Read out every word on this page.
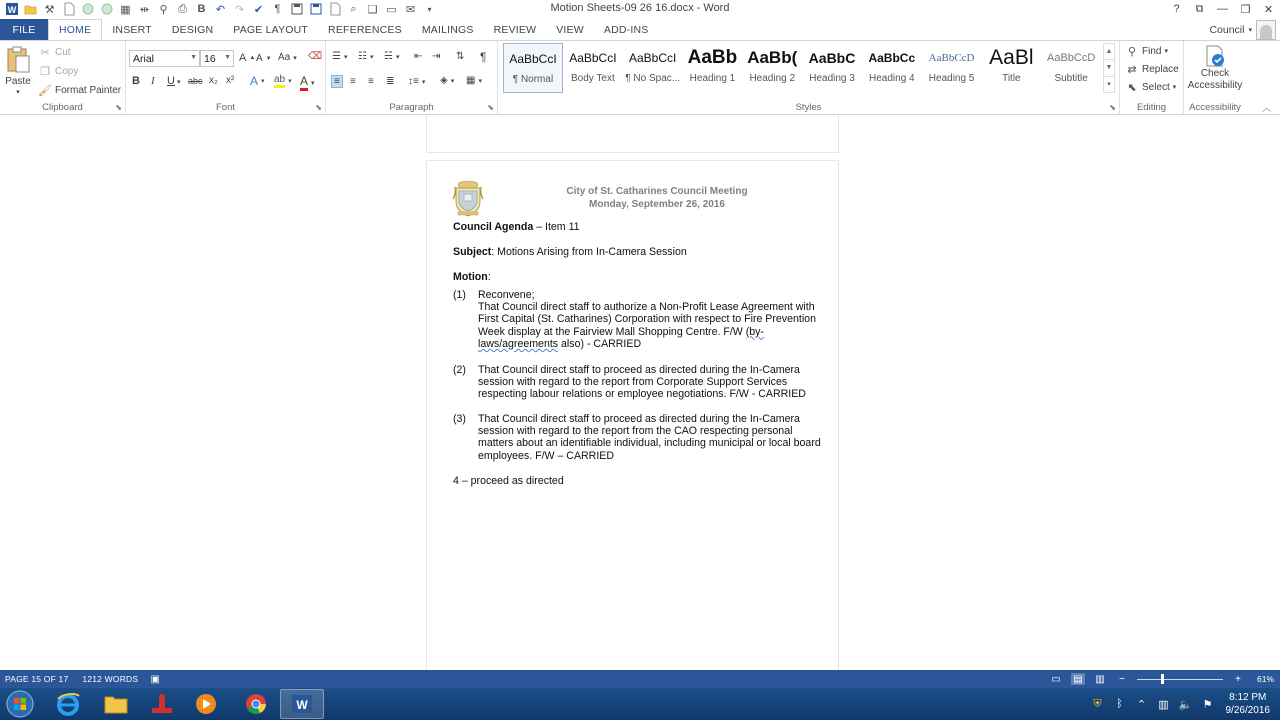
W	⚒	▦ ⇹ ⚲ ⎙ B ↶ ↷ ✔	¶	⌕ ❏ ▭ ✉	▾	Motion Sheets-09 26 16.docx - Word	?	⧉	—	❐	✕
FILE	HOME	INSERT	DESIGN	PAGE LAYOUT	REFERENCES	MAILINGS	REVIEW	VIEW	ADD-INS	Council ▾
Paste
▾
✂ Cut
❐ Copy
🖌 Format Painter
Clipboard	⬊
Arial	▼ 16 ▼ A ▲ A ▼ Aa ▾ ⌫
B I U ▾ abc x₂ x² A ▾ ab ▾ A ▾
Font	⬊
☰ ▾ ☷ ▾ ☵ ▾ ⇤ ⇥ ⇅ ¶
≡	≡ ≡ ≣ ↕≡ ▾ ◈ ▾ ▦ ▾
Paragraph	⬊	Styles	⬊
AaBbCcI
¶ Normal
AaBbCcI
Body Text
AaBbCcI
¶ No Spac...
AaBb
Heading 1
AaBb(
Heading 2
AaBbC
Heading 3
AaBbCc
Heading 4
AaBbCcD
Heading 5
AaBl
Title
AaBbCcD
Subtitle
▲
▼
▾
⚲ Find ▾
⇄ Replace
⬉ Select ▾
Editing
Check Accessibility
Accessibility	︿
City of St. Catharines Council Meeting
Monday, September 26, 2016
Council Agenda – Item 11
Subject: Motions Arising from In-Camera Session
Motion:
(1) Reconvene;
That Council direct staff to authorize a Non-Profit Lease Agreement with First Capital (St. Catharines) Corporation with respect to Fire Prevention Week display at the Fairview Mall Shopping Centre. F/W (by-laws/agreements also) - CARRIED
(2) That Council direct staff to proceed as directed during the In-Camera session with regard to the report from Corporate Support Services respecting labour relations or employee negotiations. F/W - CARRIED
(3) That Council direct staff to proceed as directed during the In-Camera session with regard to the report from the CAO respecting personal matters about an identifiable individual, including municipal or local board employees. F/W – CARRIED
4 – proceed as directed
PAGE 15 OF 17 1212 WORDS ▣	▭ ▤ ▥	−	+	61%
W	⛨	ᛒ	⌃	▥ 🔈 ⚑
8:12 PM
9/26/2016
